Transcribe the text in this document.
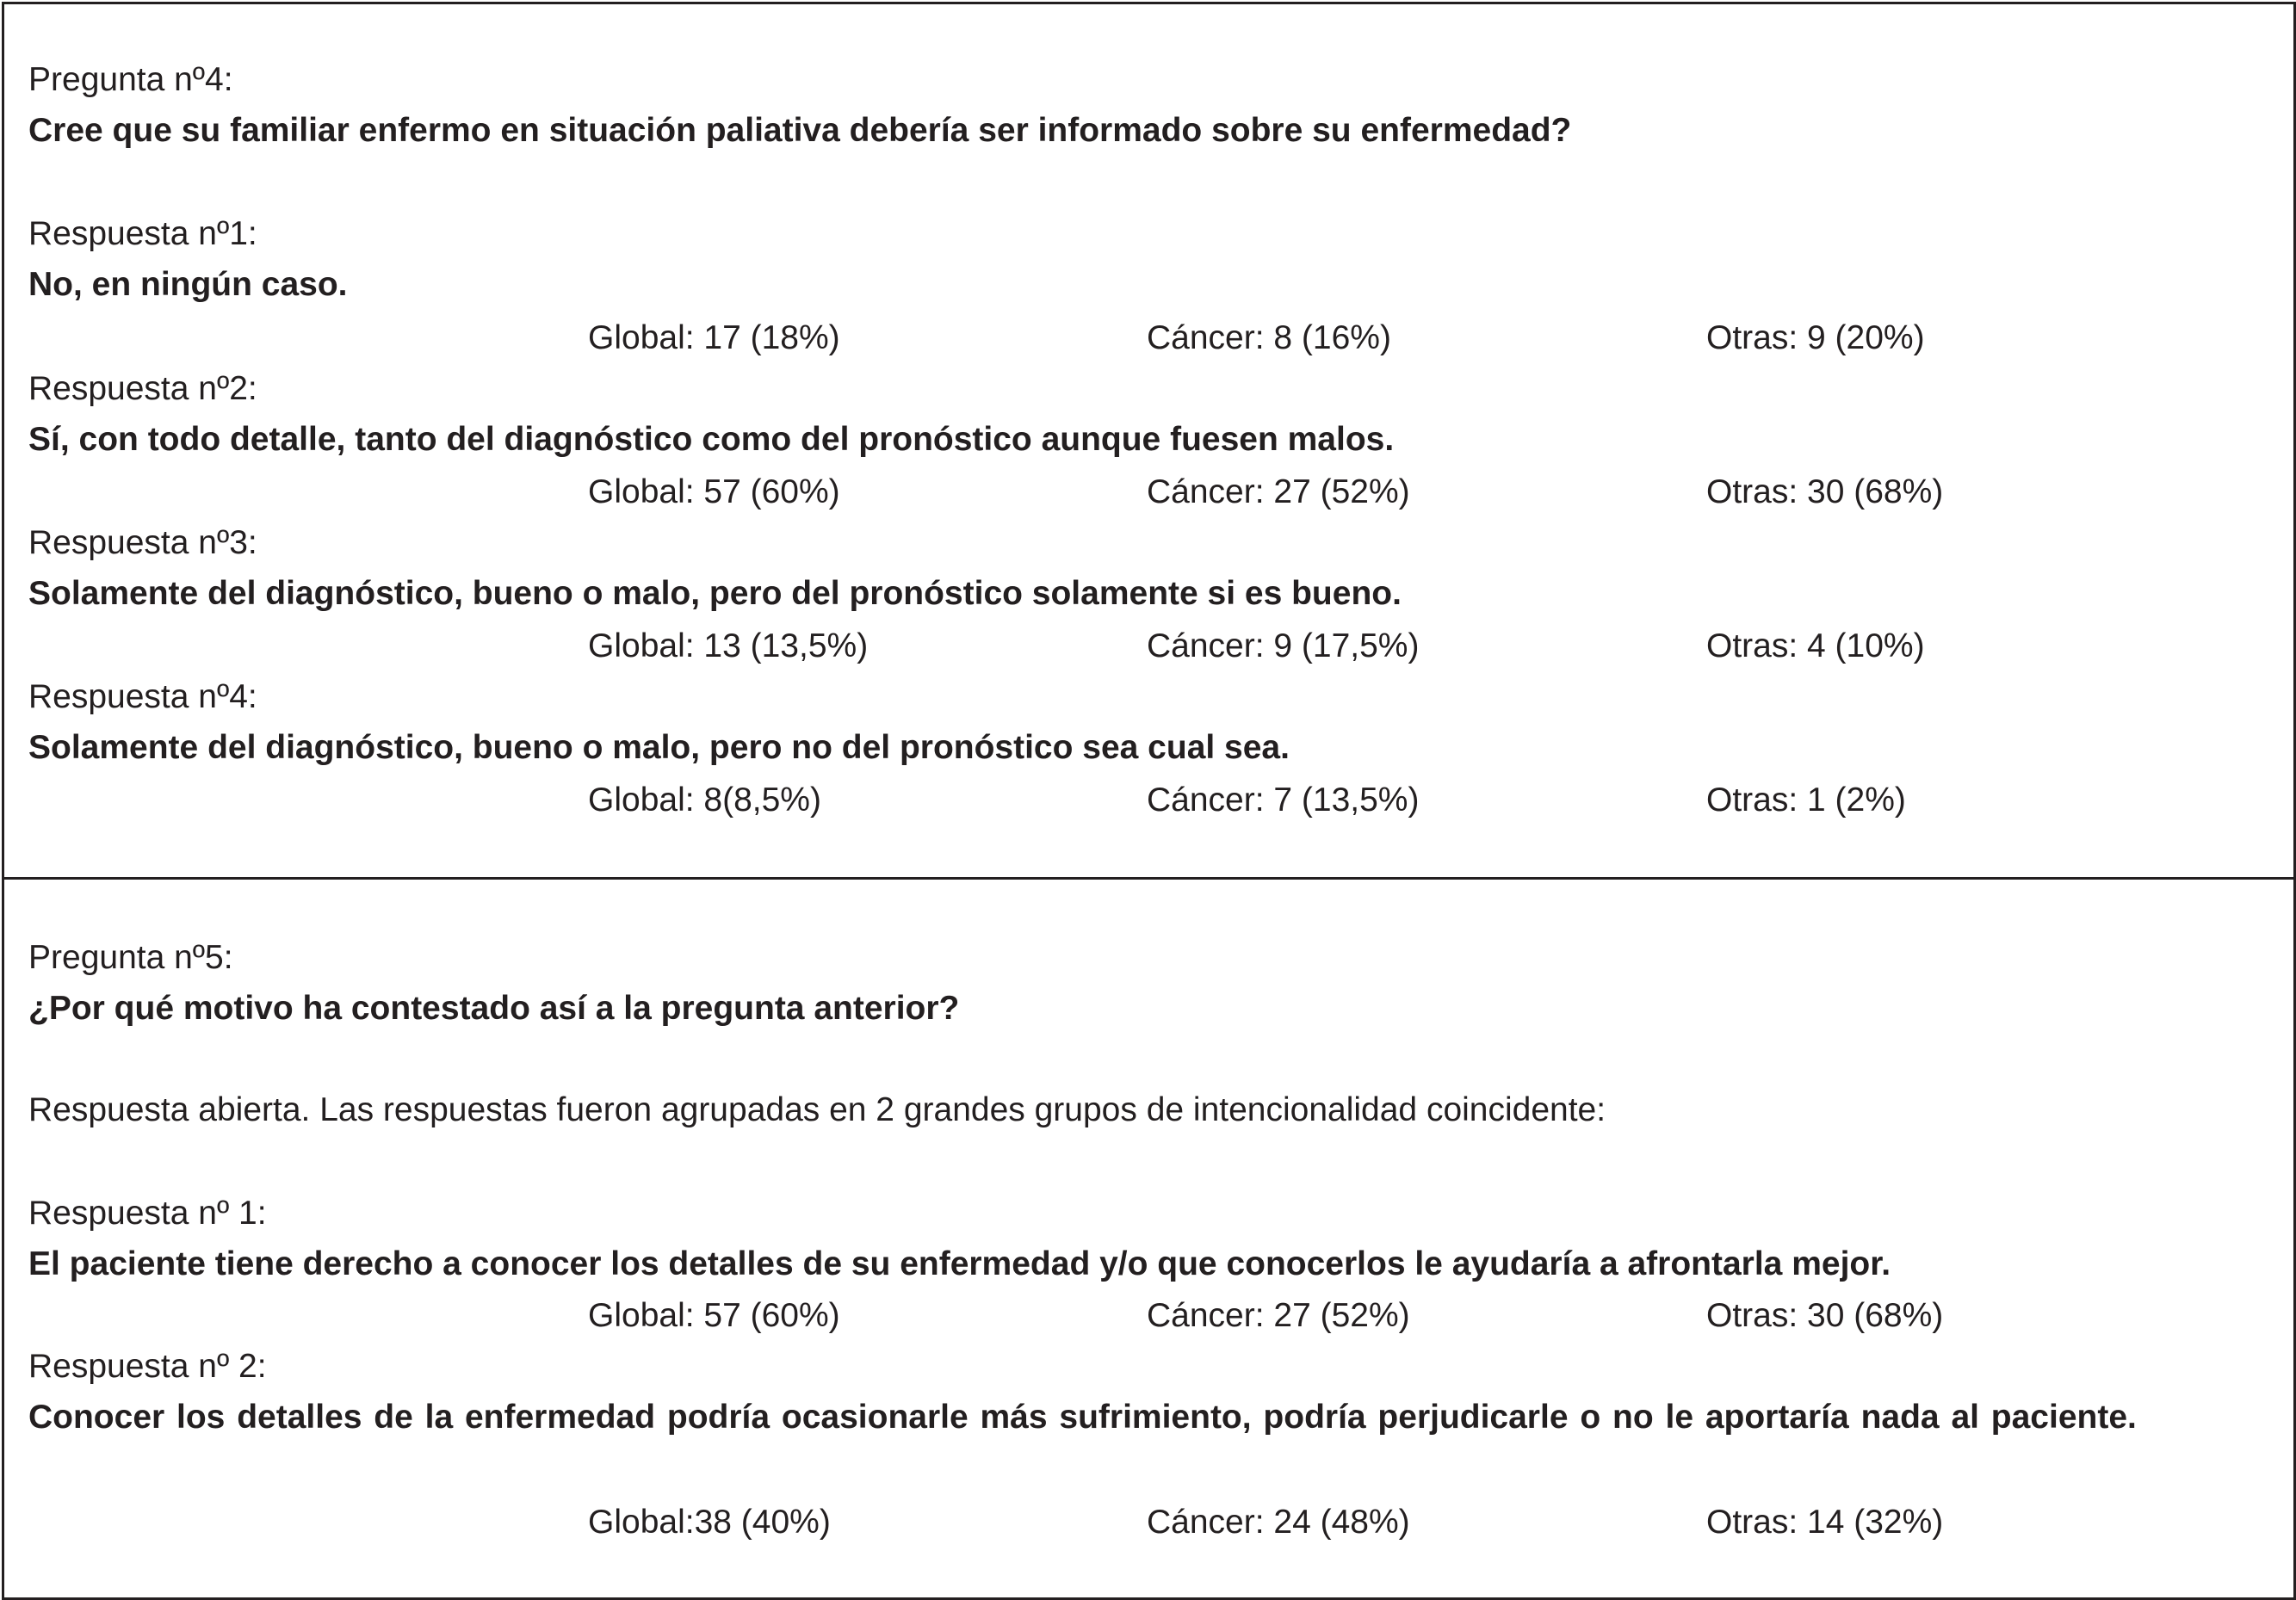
Pregunta nº4:
Cree que su familiar enfermo en situación paliativa debería ser informado sobre su enfermedad?
Respuesta nº1:
No, en ningún caso.
Global: 17 (18%)	Cáncer: 8 (16%)	Otras: 9 (20%)
Respuesta nº2:
Sí, con todo detalle, tanto del diagnóstico como del pronóstico aunque fuesen malos.
Global: 57 (60%)	Cáncer: 27 (52%)	Otras: 30 (68%)
Respuesta nº3:
Solamente del diagnóstico, bueno o malo, pero del pronóstico solamente si es bueno.
Global: 13 (13,5%)	Cáncer: 9 (17,5%)	Otras: 4 (10%)
Respuesta nº4:
Solamente del diagnóstico, bueno o malo, pero no del pronóstico sea cual sea.
Global: 8(8,5%)	Cáncer: 7 (13,5%)	Otras: 1 (2%)
Pregunta nº5:
¿Por qué motivo ha contestado así a la pregunta anterior?
Respuesta abierta. Las respuestas fueron agrupadas en 2 grandes grupos de intencionalidad coincidente:
Respuesta nº 1:
El paciente tiene derecho a conocer los detalles de su enfermedad y/o que conocerlos le ayudaría a afrontarla mejor.
Global: 57 (60%)	Cáncer: 27 (52%)	Otras: 30 (68%)
Respuesta nº 2:
Conocer los detalles de la enfermedad podría ocasionarle más sufrimiento, podría perjudicarle o no le aportaría nada al paciente.
Global:38 (40%)	Cáncer: 24 (48%)	Otras: 14 (32%)
